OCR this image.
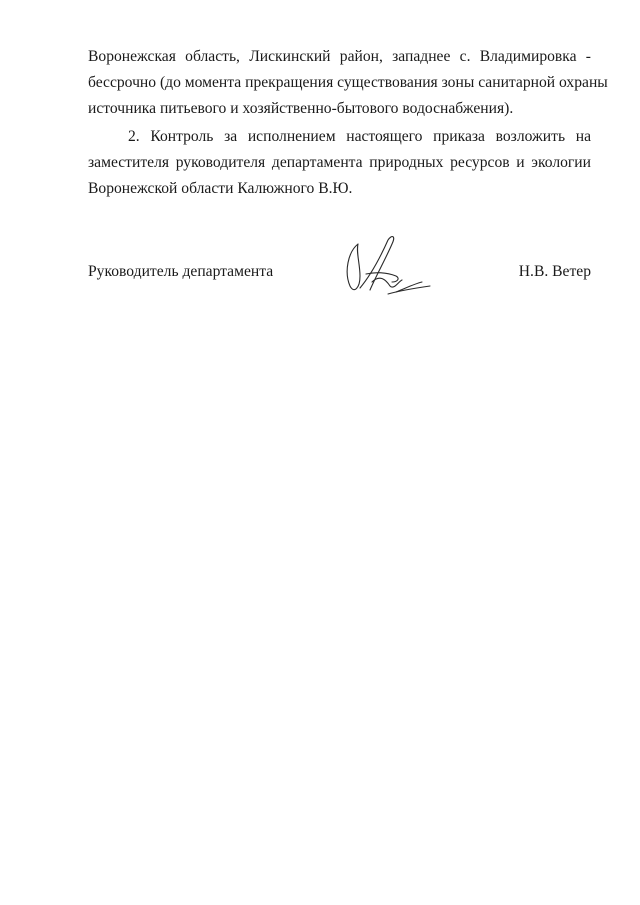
Воронежская область, Лискинский район, западнее с. Владимировка -
бессрочно (до момента прекращения существования зоны санитарной охраны
источника питьевого и хозяйственно-бытового водоснабжения).
2. Контроль за исполнением настоящего приказа возложить на
заместителя руководителя департамента природных ресурсов и экологии
Воронежской области Калюжного В.Ю.
Руководитель департамента	Н.В. Ветер
